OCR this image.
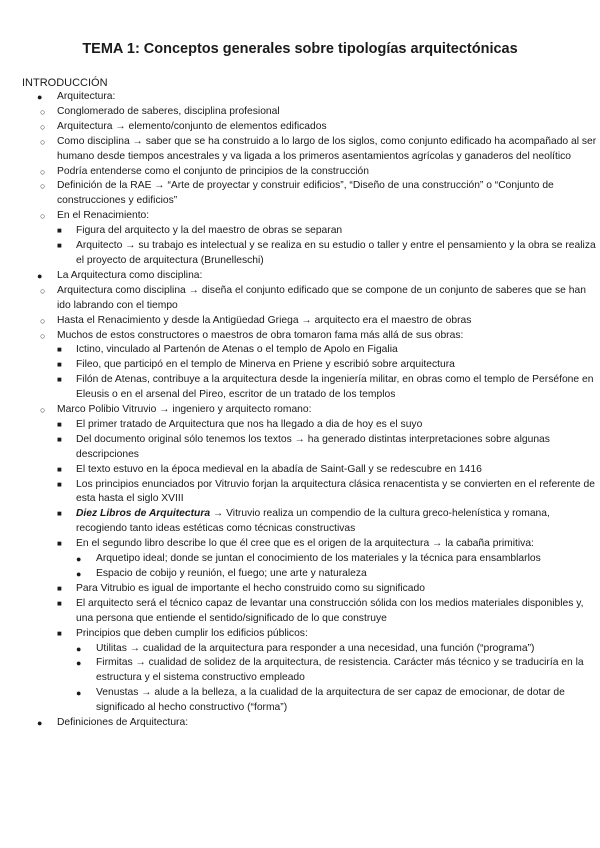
TEMA 1: Conceptos generales sobre tipologías arquitectónicas
INTRODUCCIÓN
● Arquitectura:
○ Conglomerado de saberes, disciplina profesional
○ Arquitectura → elemento/conjunto de elementos edificados
○ Como disciplina → saber que se ha construido a lo largo de los siglos, como conjunto edificado ha acompañado al ser humano desde tiempos ancestrales y va ligada a los primeros asentamientos agrícolas y ganaderos del neolítico
○ Podría entenderse como el conjunto de principios de la construcción
○ Definición de la RAE → “Arte de proyectar y construir edificios”, “Diseño de una construcción” o “Conjunto de construcciones y edificios”
○ En el Renacimiento:
■ Figura del arquitecto y la del maestro de obras se separan
■ Arquitecto → su trabajo es intelectual y se realiza en su estudio o taller y entre el pensamiento y la obra se realiza el proyecto de arquitectura (Brunelleschi)
● La Arquitectura como disciplina:
○ Arquitectura como disciplina → diseña el conjunto edificado que se compone de un conjunto de saberes que se han ido labrando con el tiempo
○ Hasta el Renacimiento y desde la Antigüedad Griega → arquitecto era el maestro de obras
○ Muchos de estos constructores o maestros de obra tomaron fama más allá de sus obras:
■ Ictino, vinculado al Partenón de Atenas o el templo de Apolo en Figalia
■ Fileo, que participó en el templo de Minerva en Priene y escribió sobre arquitectura
■ Filón de Atenas, contribuye a la arquitectura desde la ingeniería militar, en obras como el templo de Perséfone en Eleusis o en el arsenal del Pireo, escritor de un tratado de los templos
○ Marco Polibio Vitruvio → ingeniero y arquitecto romano:
■ El primer tratado de Arquitectura que nos ha llegado a dia de hoy es el suyo
■ Del documento original sólo tenemos los textos → ha generado distintas interpretaciones sobre algunas descripciones
■ El texto estuvo en la época medieval en la abadía de Saint-Gall y se redescubre en 1416
■ Los principios enunciados por Vitruvio forjan la arquitectura clásica renacentista y se convierten en el referente de esta hasta el siglo XVIII
■ Diez Libros de Arquitectura → Vitruvio realiza un compendio de la cultura greco-helenística y romana, recogiendo tanto ideas estéticas como técnicas constructivas
■ En el segundo libro describe lo que él cree que es el origen de la arquitectura → la cabaña primitiva:
● Arquetipo ideal; donde se juntan el conocimiento de los materiales y la técnica para ensamblarlos
● Espacio de cobijo y reunión, el fuego; une arte y naturaleza
■ Para Vitrubio es igual de importante el hecho construido como su significado
■ El arquitecto será el técnico capaz de levantar una construcción sólida con los medios materiales disponibles y, una persona que entiende el sentido/significado de lo que construye
■ Principios que deben cumplir los edificios públicos:
● Utilitas → cualidad de la arquitectura para responder a una necesidad, una función (“programa”)
● Firmitas → cualidad de solidez de la arquitectura, de resistencia. Carácter más técnico y se traduciría en la estructura y el sistema constructivo empleado
● Venustas → alude a la belleza, a la cualidad de la arquitectura de ser capaz de emocionar, de dotar de significado al hecho constructivo (“forma”)
● Definiciones de Arquitectura:
